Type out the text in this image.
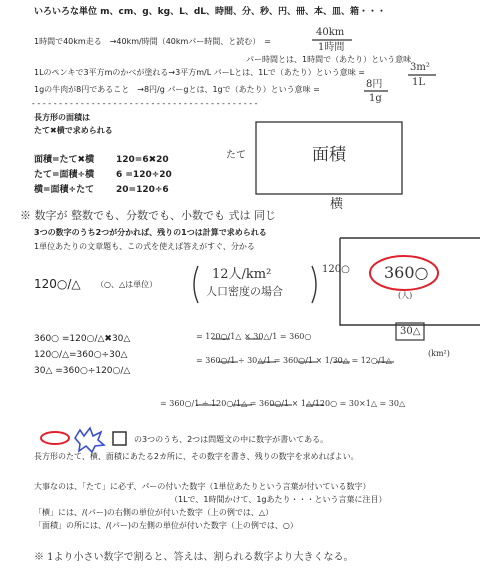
いろいろな単位 m、cm、g、kg、L、dL、時間、分、秒、円、冊、本、皿、箱・・・
1時間で40km走る　→40km/時間（40kmパー時間、と読む）　=
40km
1時間
パー時間とは、1時間で（あたり）という意味
1Lのペンキで3平方mのかべが塗れる→3平方m/L パーLとは、1Lで（あたり）という意味 =	3m²
1L
1gの牛肉が8円であること　→8円/g パーgとは、1gで（あたり）という意味 =	8円
1g
- - - - - - - - - - - - - - - - - - - - - - - - - - - - - - - - - - - - - - - - - -
長方形の面積は
たて✖横で求められる
たて	面積
横
面積=たて✖横 120=6✖20
たて=面積÷横 6 =120÷20
横=面積÷たて 20=120÷6
※ 数字が 整数でも、分数でも、小数でも 式は 同じ
3つの数字のうち2つが分かれば、残りの1つは計算で求められる
1単位あたりの文章題も、この式を使えば答えがすぐ、分かる
120○/△ （○、△は単位）
12人/km²
人口密度の場合
120○ 360○
(人)
30△
(km²)
360○ =120○/△✖30△
120○/△=360○÷30△
30△ =360○÷120○/△
= 120○/1△ × 30△/1 = 360○
= 360○/1 ÷ 30△/1 = 360○/1 × 1/30△ = 12○/1△
= 360○/1 ÷ 120○/1△ = 360○/1 × 1△/120○ = 30×1△ = 30△
の3つのうち、2つは問題文の中に数字が書いてある。
長方形のたて、横、面積にあたる2カ所に、その数字を書き、残りの数字を求めればよい。
大事なのは、「たて」に必ず、パーの付いた数字（1単位あたりという言葉が付いている数字）
（1Lで、1時間かけて、1gあたり・・・という言葉に注目）
「横」には、/(パー)の右側の単位が付いた数字（上の例では、△）
「面積」の所には、/(パー)の左側の単位が付いた数字（上の例では、○）
※ 1より小さい数字で割ると、答えは、割られる数字より大きくなる。
